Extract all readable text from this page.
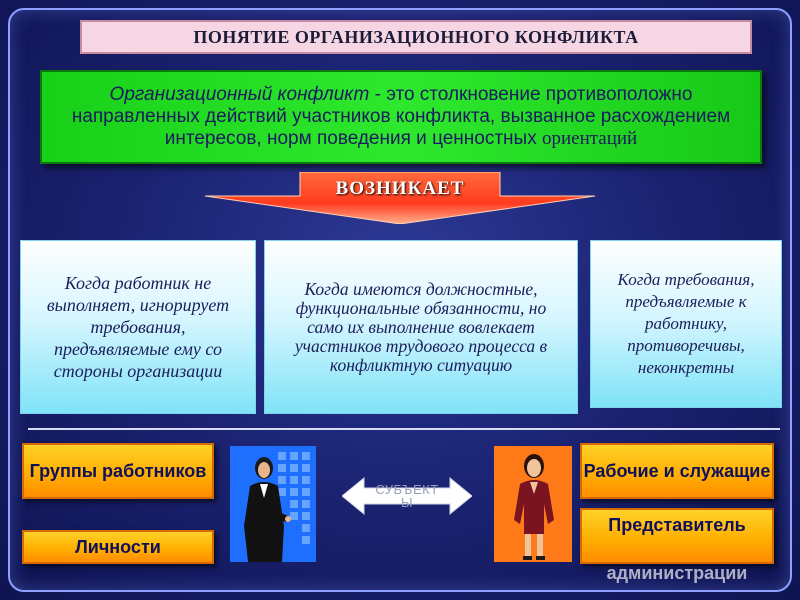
ПОНЯТИЕ ОРГАНИЗАЦИОННОГО КОНФЛИКТА
Организационный конфликт - это столкновение противоположно направленных действий участников конфликта, вызванное расхождением интересов, норм поведения и ценностных ориентаций
ВОЗНИКАЕТ
Когда работник не выполняет, игнорирует требования, предъявляемые ему со стороны организации
Когда имеются должностные, функциональные обязанности, но само их выполнение вовлекает участников трудового процесса в конфликтную ситуацию
Когда требования, предъявляемые к работнику, противоречивы, неконкретны
Группы работников
Личности
СУБЪЕКТ
Ы
Рабочие и служащие
Представитель
администрации
